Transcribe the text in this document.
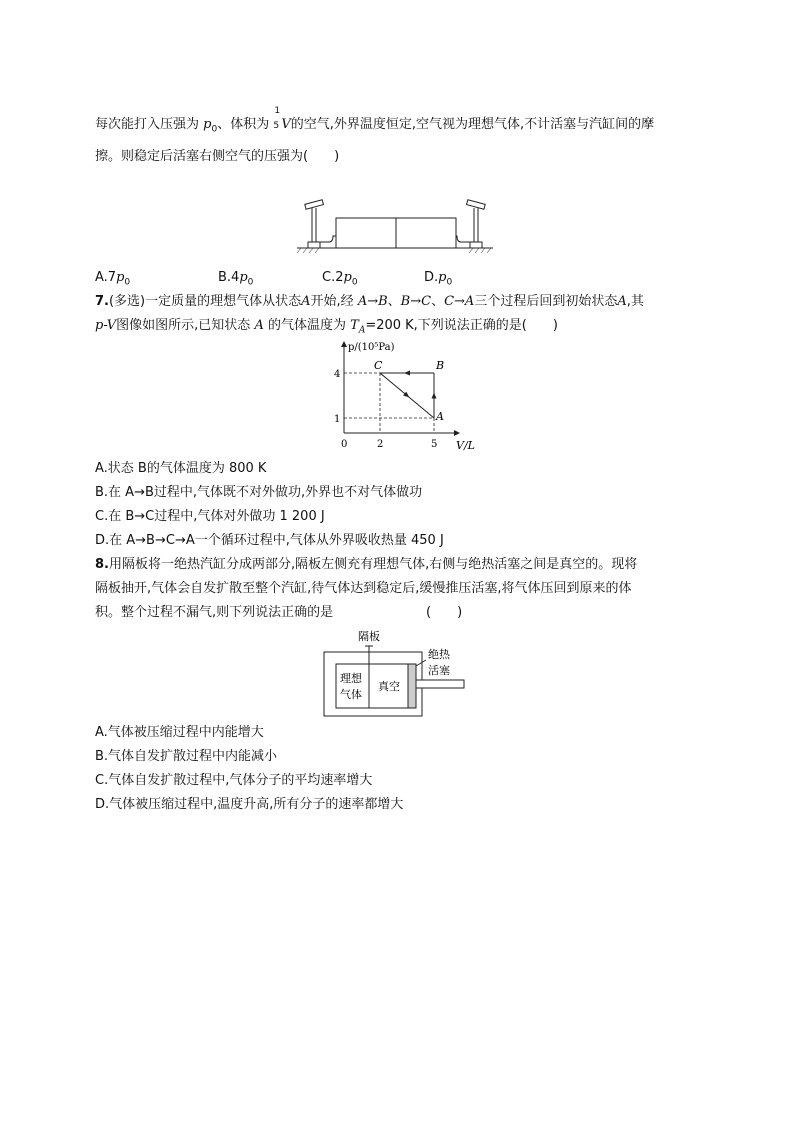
每次能打入压强为 $p_0$、体积为
1
5 V的空气,外界温度恒定,空气视为理想气体,不计活塞与汽缸间的摩
擦。则稳定后活塞右侧空气的压强为(　　)
$A.7p_0$	$B.4p_0$	$C.2p_0$	$D.p_0$
7.(多选)一定质量的理想气体从状态A开始,经 A→B、B→C、C→A三个过程后回到初始状态A,其
p-V图像如图所示,已知状态 A 的气体温度为 $T_A=200$ K,下列说法正确的是(　　)
p/(10⁵Pa)
V/L
0	2	5
1
4
A
B
C
A.状态 B的气体温度为 800 K
B.在 A→B过程中,气体既不对外做功,外界也不对气体做功
C.在 B→C过程中,气体对外做功 1 200 J
D.在 A→B→C→A一个循环过程中,气体从外界吸收热量 450 J
8.用隔板将一绝热汽缸分成两部分,隔板左侧充有理想气体,右侧与绝热活塞之间是真空的。现将
隔板抽开,气体会自发扩散至整个汽缸,待气体达到稳定后,缓慢推压活塞,将气体压回到原来的体
积。整个过程不漏气,则下列说法正确的是	(　　)
隔板
理想
气体
真空
绝热
活塞
A.气体被压缩过程中内能增大
B.气体自发扩散过程中内能减小
C.气体自发扩散过程中,气体分子的平均速率增大
D.气体被压缩过程中,温度升高,所有分子的速率都增大
